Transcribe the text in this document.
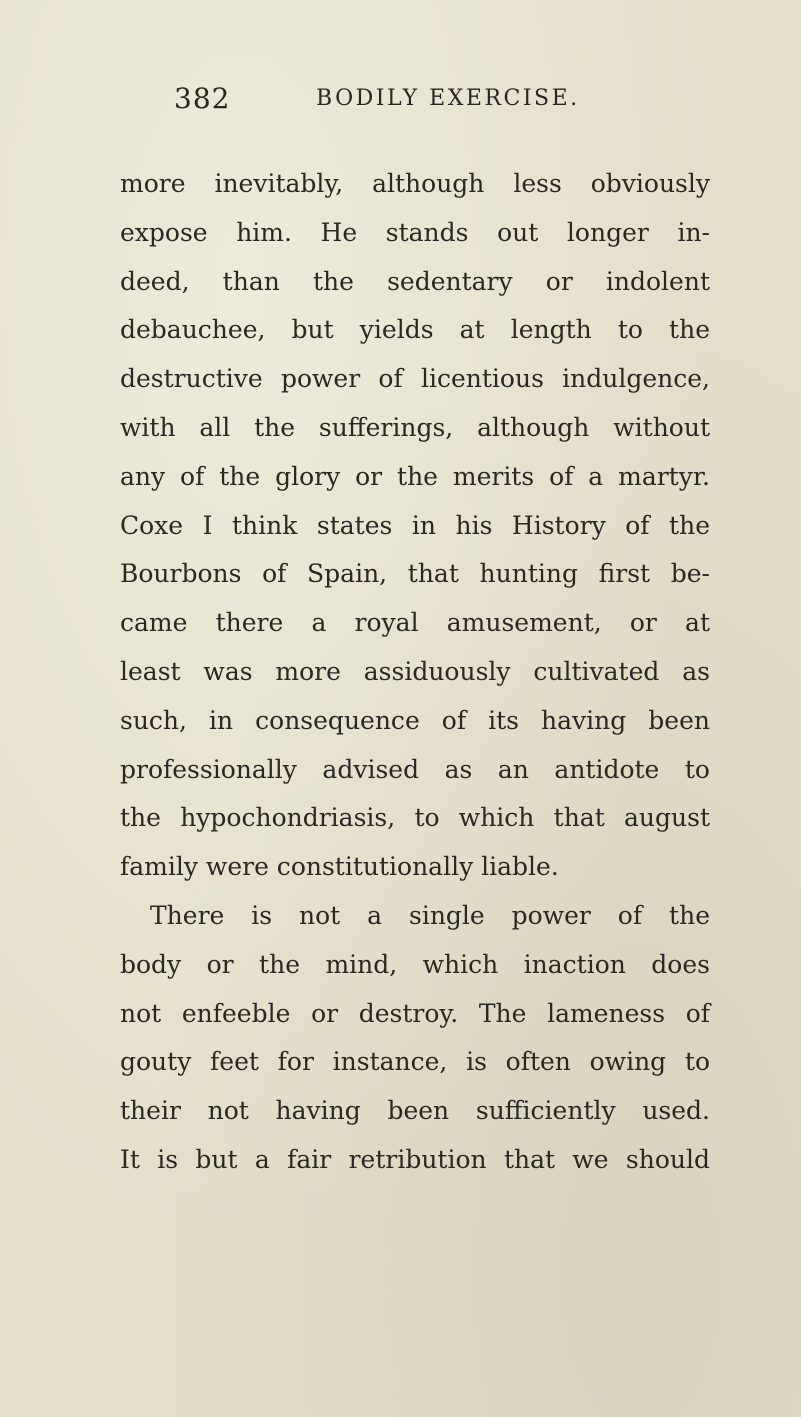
382	BODILY EXERCISE.
more inevitably, although less obviously
expose him. He stands out longer in-
deed, than the sedentary or indolent
debauchee, but yields at length to the
destructive power of licentious indulgence,
with all the sufferings, although without
any of the glory or the merits of a martyr.
Coxe I think states in his History of the
Bourbons of Spain, that hunting first be-
came there a royal amusement, or at
least was more assiduously cultivated as
such, in consequence of its having been
professionally advised as an antidote to
the hypochondriasis, to which that august
family were constitutionally liable.
There is not a single power of the
body or the mind, which inaction does
not enfeeble or destroy. The lameness of
gouty feet for instance, is often owing to
their not having been sufficiently used.
It is but a fair retribution that we should
